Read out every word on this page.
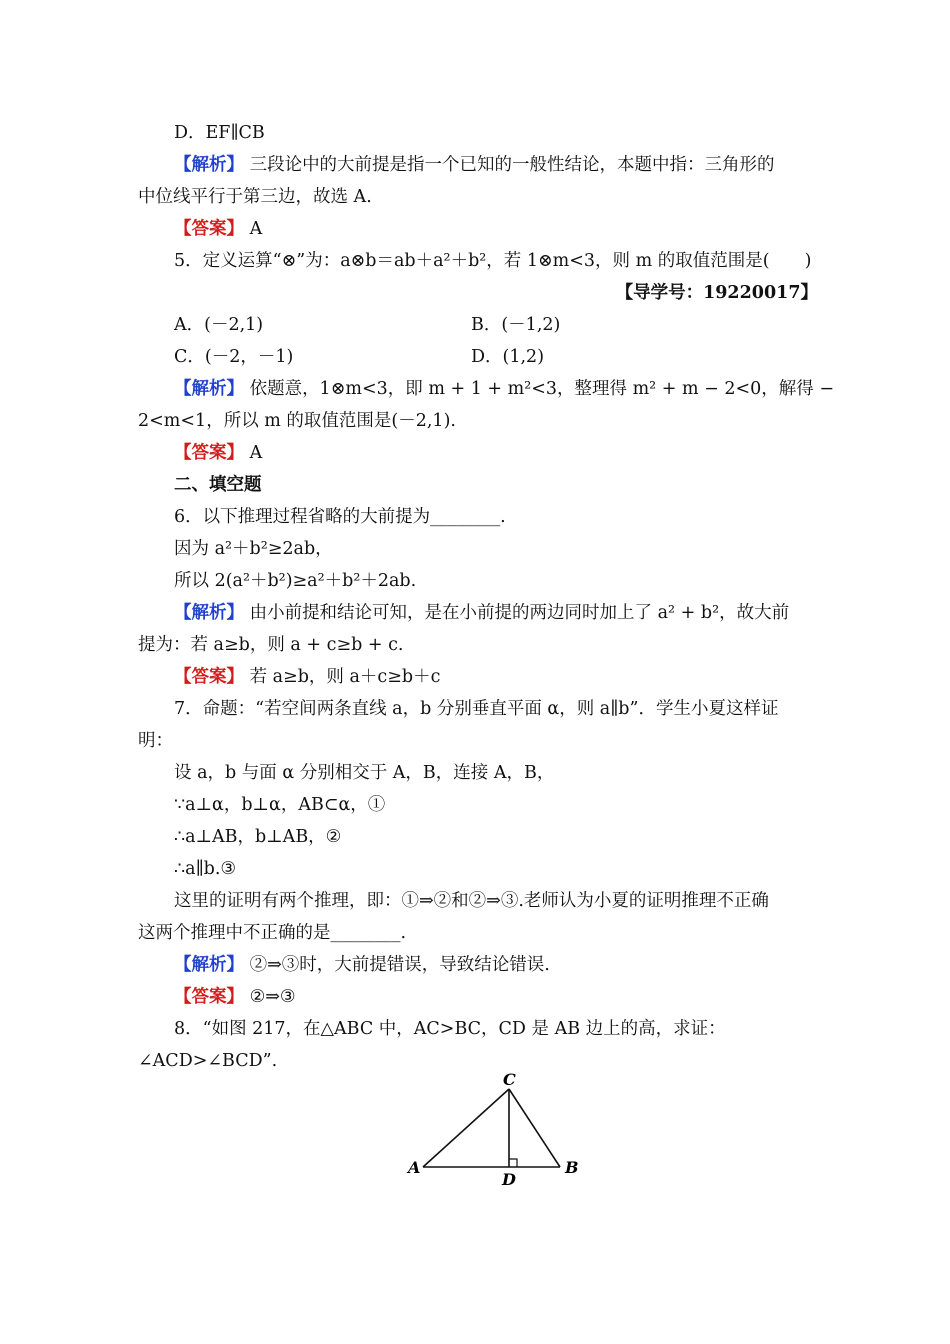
D．EF∥CB
【解析】 三段论中的大前提是指一个已知的一般性结论，本题中指：三角形的
中位线平行于第三边，故选 A.
【答案】 A
5．定义运算“⊗”为：a⊗b＝ab＋a²＋b²，若 1⊗m<3，则 m 的取值范围是(　　)
【导学号：19220017】
A．(－2,1)	B．(－1,2)
C．(－2，－1)	D．(1,2)
【解析】 依题意，1⊗m<3，即 m + 1 + m²<3，整理得 m² + m − 2<0，解得 −
2<m<1，所以 m 的取值范围是(－2,1).
【答案】 A
二、填空题
6．以下推理过程省略的大前提为________.
因为 a²＋b²≥2ab，
所以 2(a²＋b²)≥a²＋b²＋2ab.
【解析】 由小前提和结论可知，是在小前提的两边同时加上了 a² + b²，故大前
提为：若 a≥b，则 a + c≥b + c.
【答案】 若 a≥b，则 a＋c≥b＋c
7．命题：“若空间两条直线 a，b 分别垂直平面 α，则 a∥b”．学生小夏这样证
明：
设 a，b 与面 α 分别相交于 A，B，连接 A，B，
∵a⊥α，b⊥α，AB⊂α，①
∴a⊥AB，b⊥AB，②
∴a∥b.③
这里的证明有两个推理，即：①⇒②和②⇒③.老师认为小夏的证明推理不正确
这两个推理中不正确的是________.
【解析】 ②⇒③时，大前提错误，导致结论错误.
【答案】 ②⇒③
8．“如图 217，在△ABC 中，AC>BC，CD 是 AB 边上的高，求证：
∠ACD>∠BCD”.
C
A	B
D
